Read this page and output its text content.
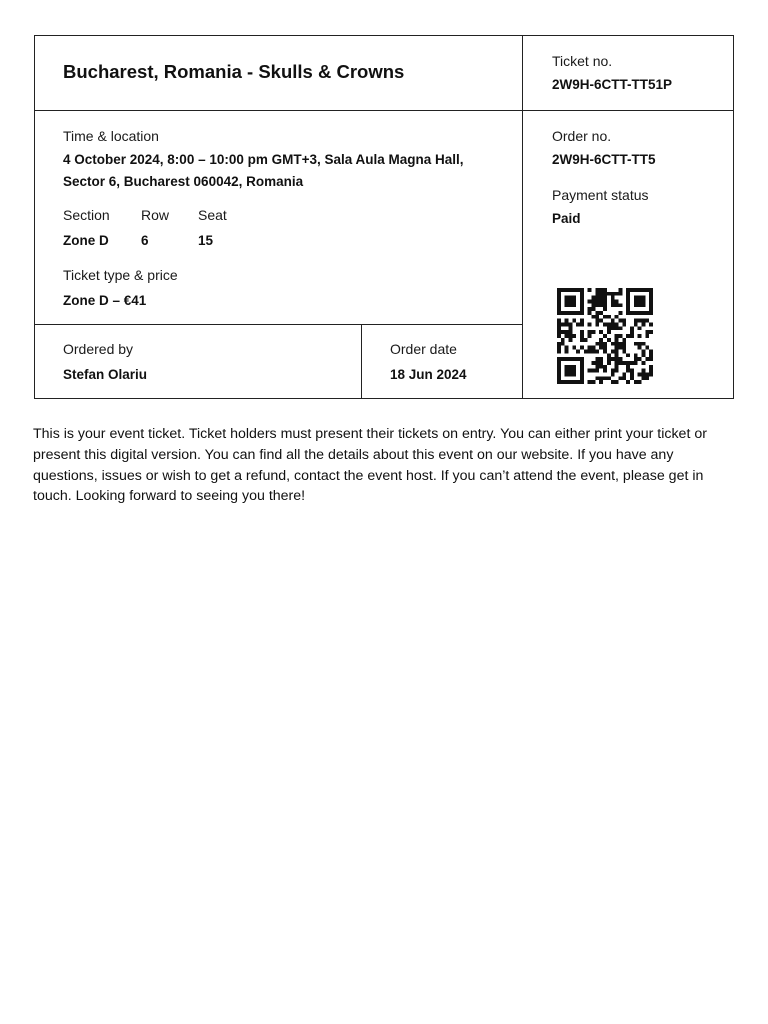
Bucharest, Romania - Skulls & Crowns	Ticket no.
2W9H-6CTT-TT51P
Time & location
4 October 2024, 8:00 – 10:00 pm GMT+3, Sala Aula Magna Hall, Sector 6, Bucharest 060042, Romania
Section
Zone D
Row
6
Seat
15
Ticket type & price
Zone D – €41
Order no.
2W9H-6CTT-TT5
Payment status
Paid
Ordered by
Stefan Olariu
Order date
18 Jun 2024
This is your event ticket. Ticket holders must present their tickets on entry. You can either print your ticket or present this digital version. You can find all the details about this event on our website. If you have any questions, issues or wish to get a refund, contact the event host. If you can’t attend the event, please get in touch. Looking forward to seeing you there!
